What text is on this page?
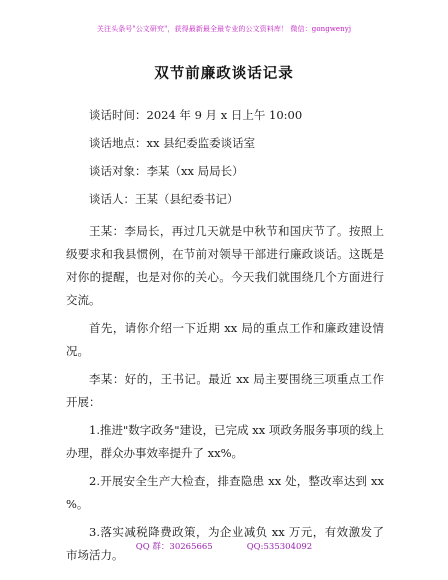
关注头条号"公文研究"，获得最新最全最专业的公文资料库！ 微信：gongwenyj
双节前廉政谈话记录

谈话时间：2024 年 9 月 x 日上午 10:00

谈话地点：xx 县纪委监委谈话室

谈话对象：李某（xx 局局长）

谈话人：王某（县纪委书记）

王某：李局长，再过几天就是中秋节和国庆节了。按照上级要求和我县惯例，在节前对领导干部进行廉政谈话。这既是对你的提醒，也是对你的关心。今天我们就围绕几个方面进行交流。

首先，请你介绍一下近期 xx 局的重点工作和廉政建设情况。

李某：好的，王书记。最近 xx 局主要围绕三项重点工作开展：

1.推进"数字政务"建设，已完成 xx 项政务服务事项的线上办理，群众办事效率提升了 xx%。

2.开展安全生产大检查，排查隐患 xx 处，整改率达到 xx %。

3.落实减税降费政策，为企业减负 xx 万元，有效激发了市场活力。

QQ 群：30265665	QQ:535304092
